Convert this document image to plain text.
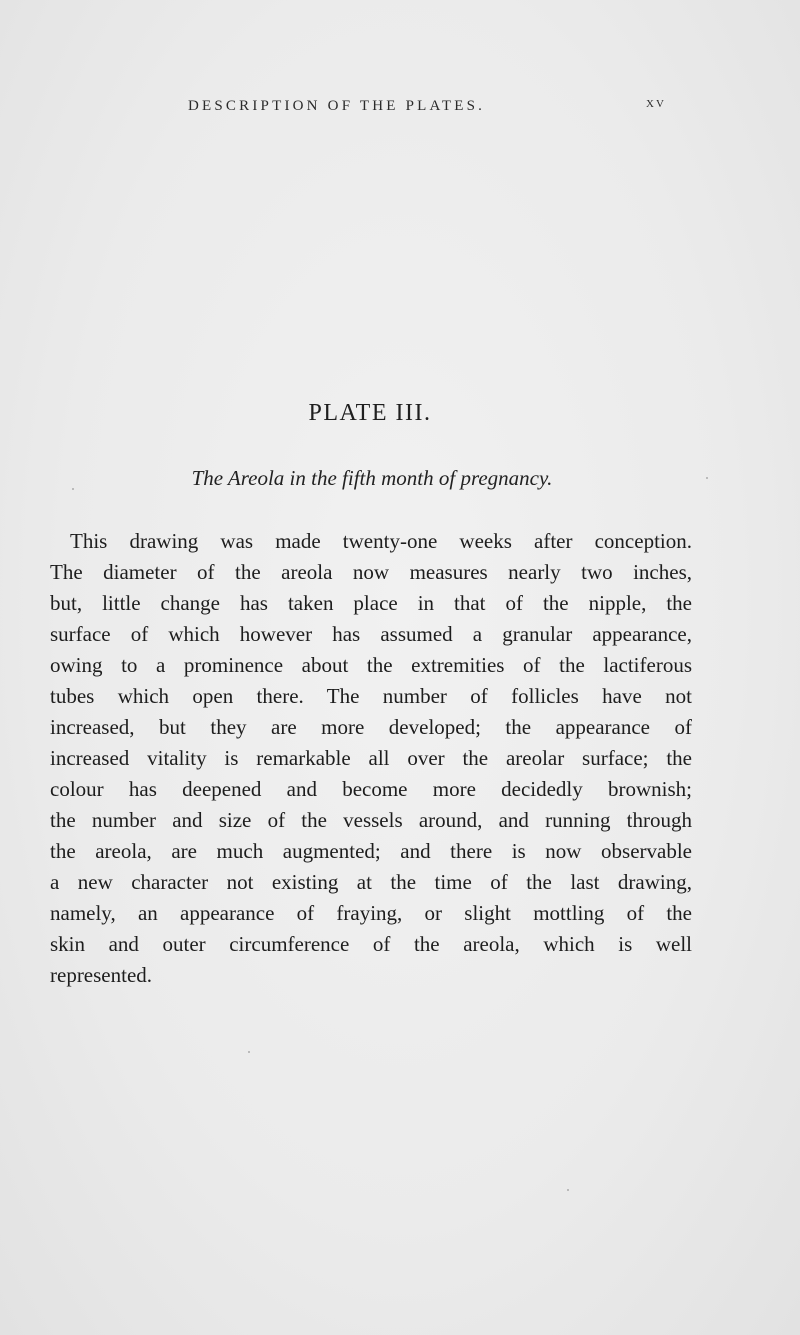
DESCRIPTION OF THE PLATES.	xv
PLATE III.
The Areola in the fifth month of pregnancy.
This drawing was made twenty-one weeks after conception.
The diameter of the areola now measures nearly two inches,
but, little change has taken place in that of the nipple, the
surface of which however has assumed a granular appearance,
owing to a prominence about the extremities of the lactiferous
tubes which open there. The number of follicles have not
increased, but they are more developed; the appearance of
increased vitality is remarkable all over the areolar surface; the
colour has deepened and become more decidedly brownish;
the number and size of the vessels around, and running through
the areola, are much augmented; and there is now observable
a new character not existing at the time of the last drawing,
namely, an appearance of fraying, or slight mottling of the
skin and outer circumference of the areola, which is well
represented.
